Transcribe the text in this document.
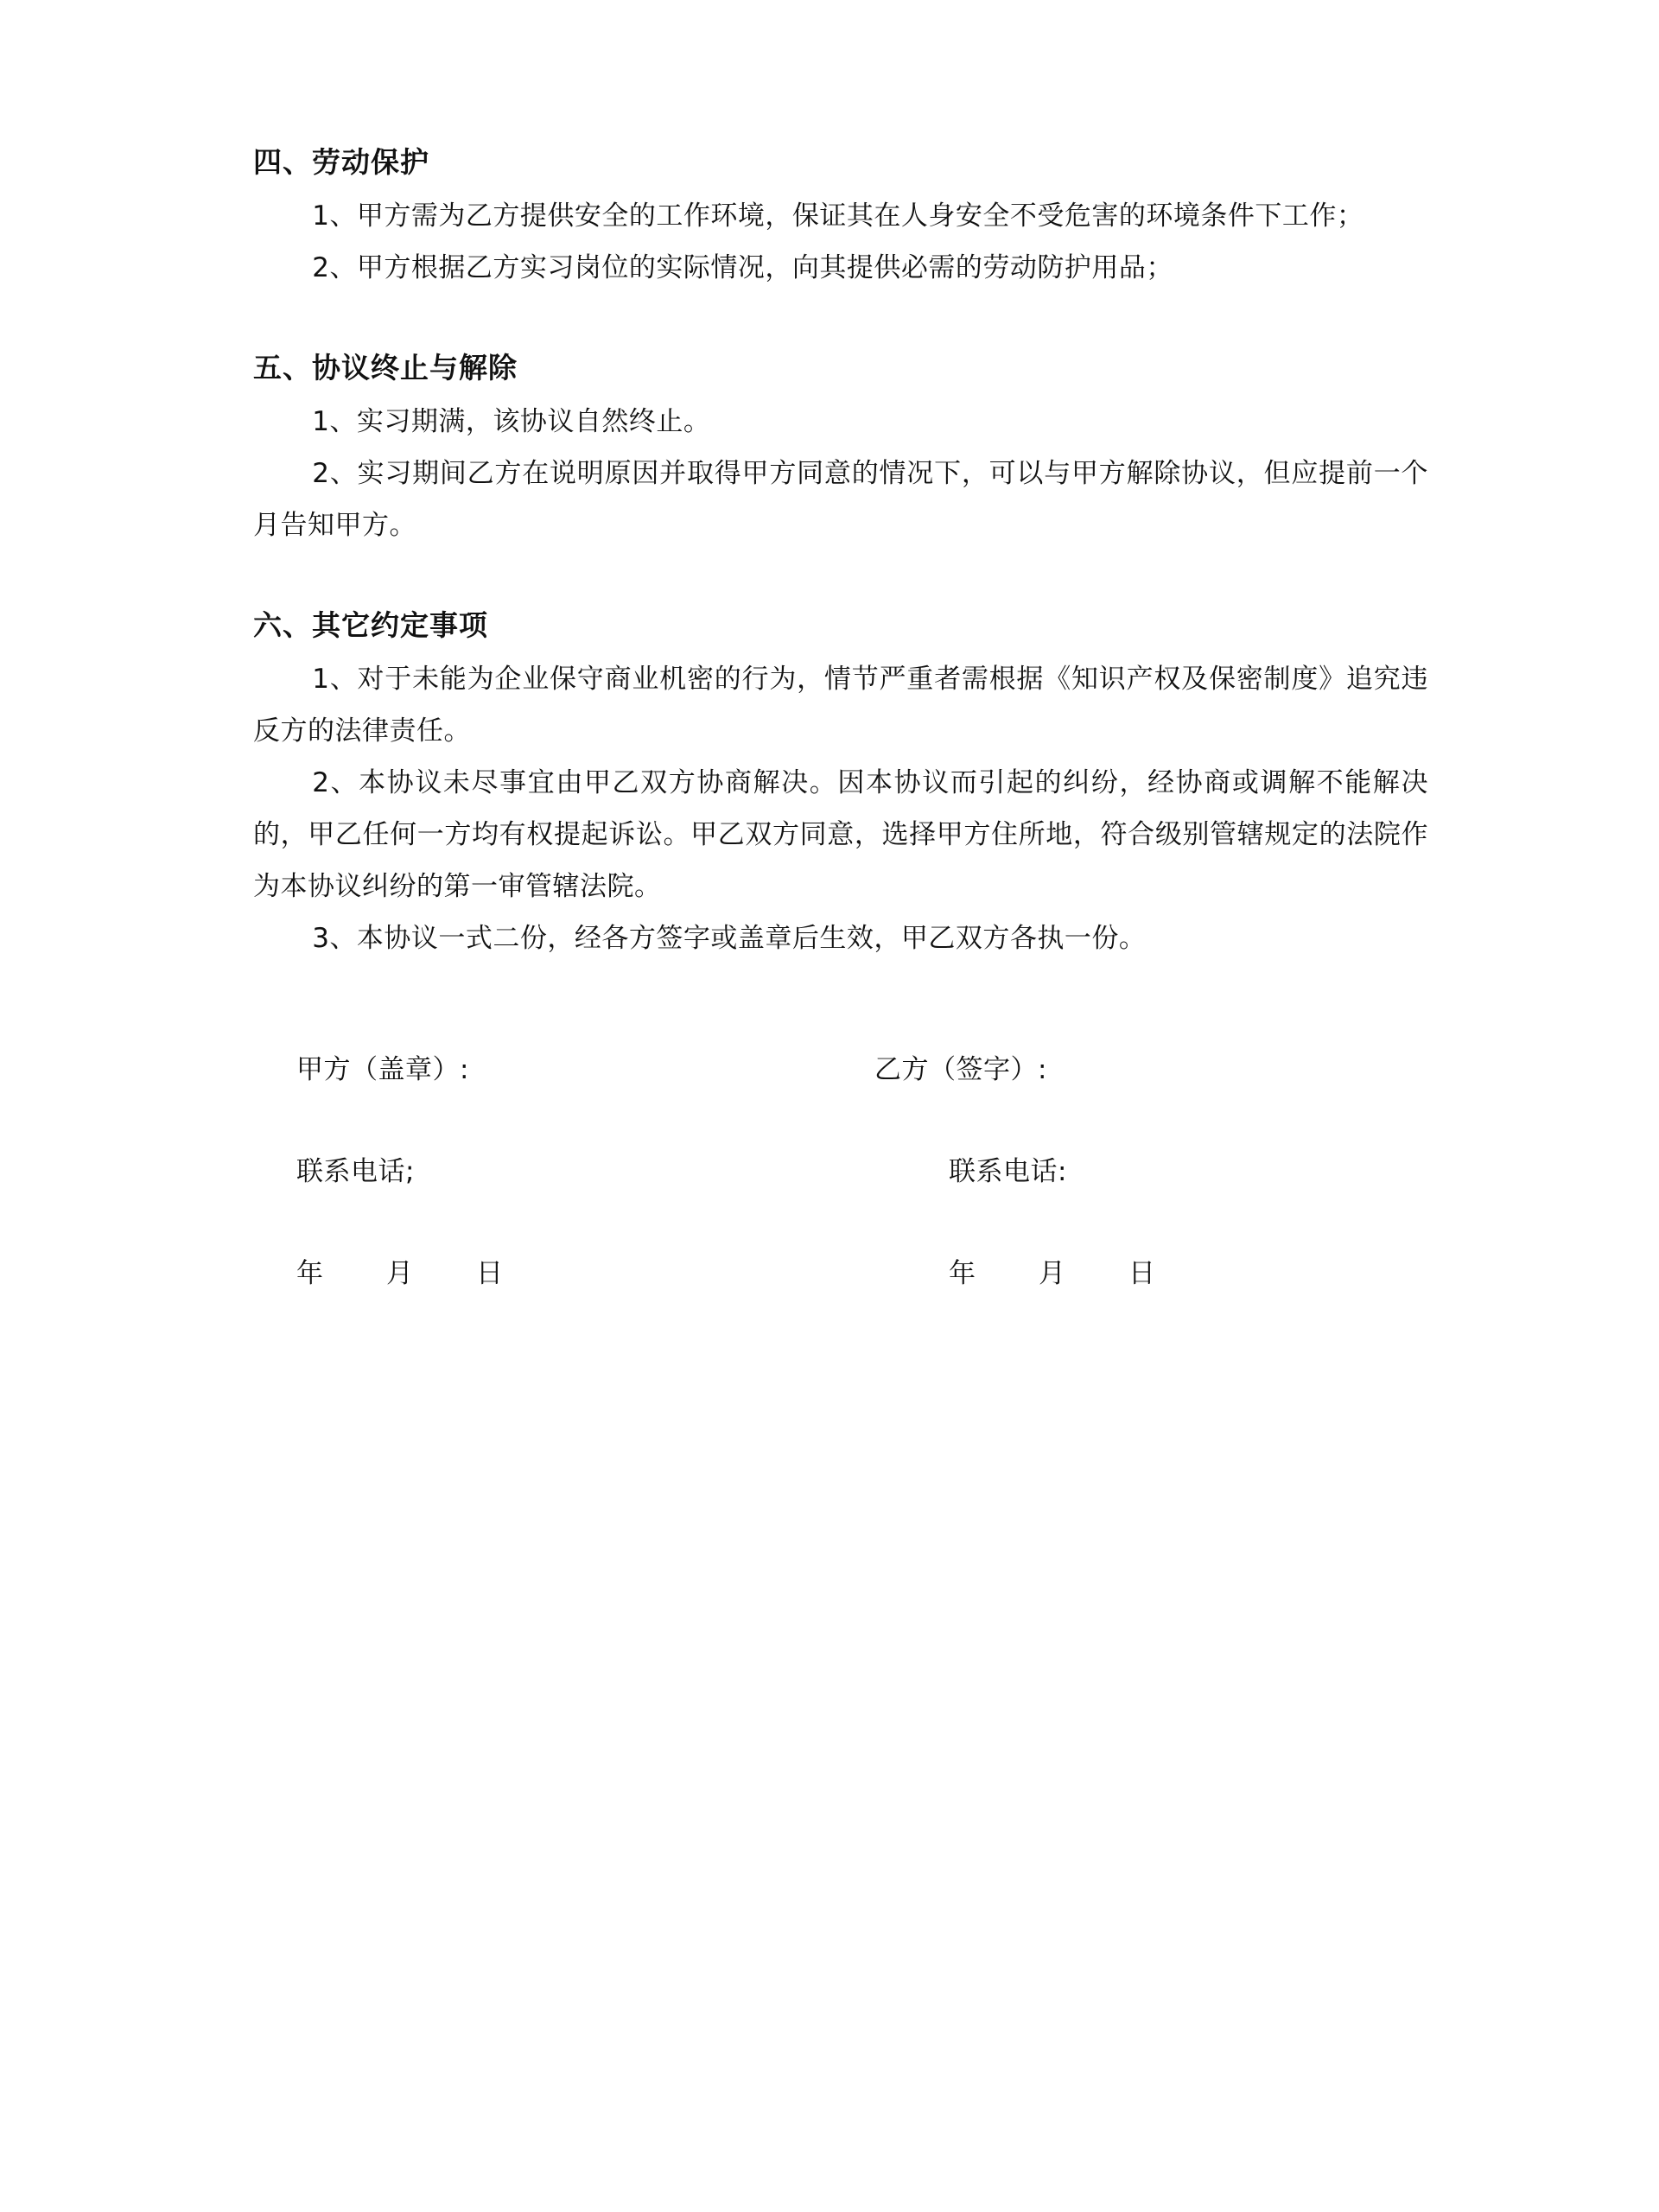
四、劳动保护

1、甲方需为乙方提供安全的工作环境，保证其在人身安全不受危害的环境条件下工作；

2、甲方根据乙方实习岗位的实际情况，向其提供必需的劳动防护用品；

五、协议终止与解除

1、实习期满，该协议自然终止。

2、实习期间乙方在说明原因并取得甲方同意的情况下，可以与甲方解除协议，但应提前一个月告知甲方。

六、其它约定事项

1、对于未能为企业保守商业机密的行为，情节严重者需根据《知识产权及保密制度》追究违反方的法律责任。

2、本协议未尽事宜由甲乙双方协商解决。因本协议而引起的纠纷，经协商或调解不能解决的，甲乙任何一方均有权提起诉讼。甲乙双方同意，选择甲方住所地，符合级别管辖规定的法院作为本协议纠纷的第一审管辖法院。

3、本协议一式二份，经各方签字或盖章后生效，甲乙双方各执一份。

甲方（盖章）:

联系电话;

年	月	日

乙方（签字）:

联系电话:

年	月	日
